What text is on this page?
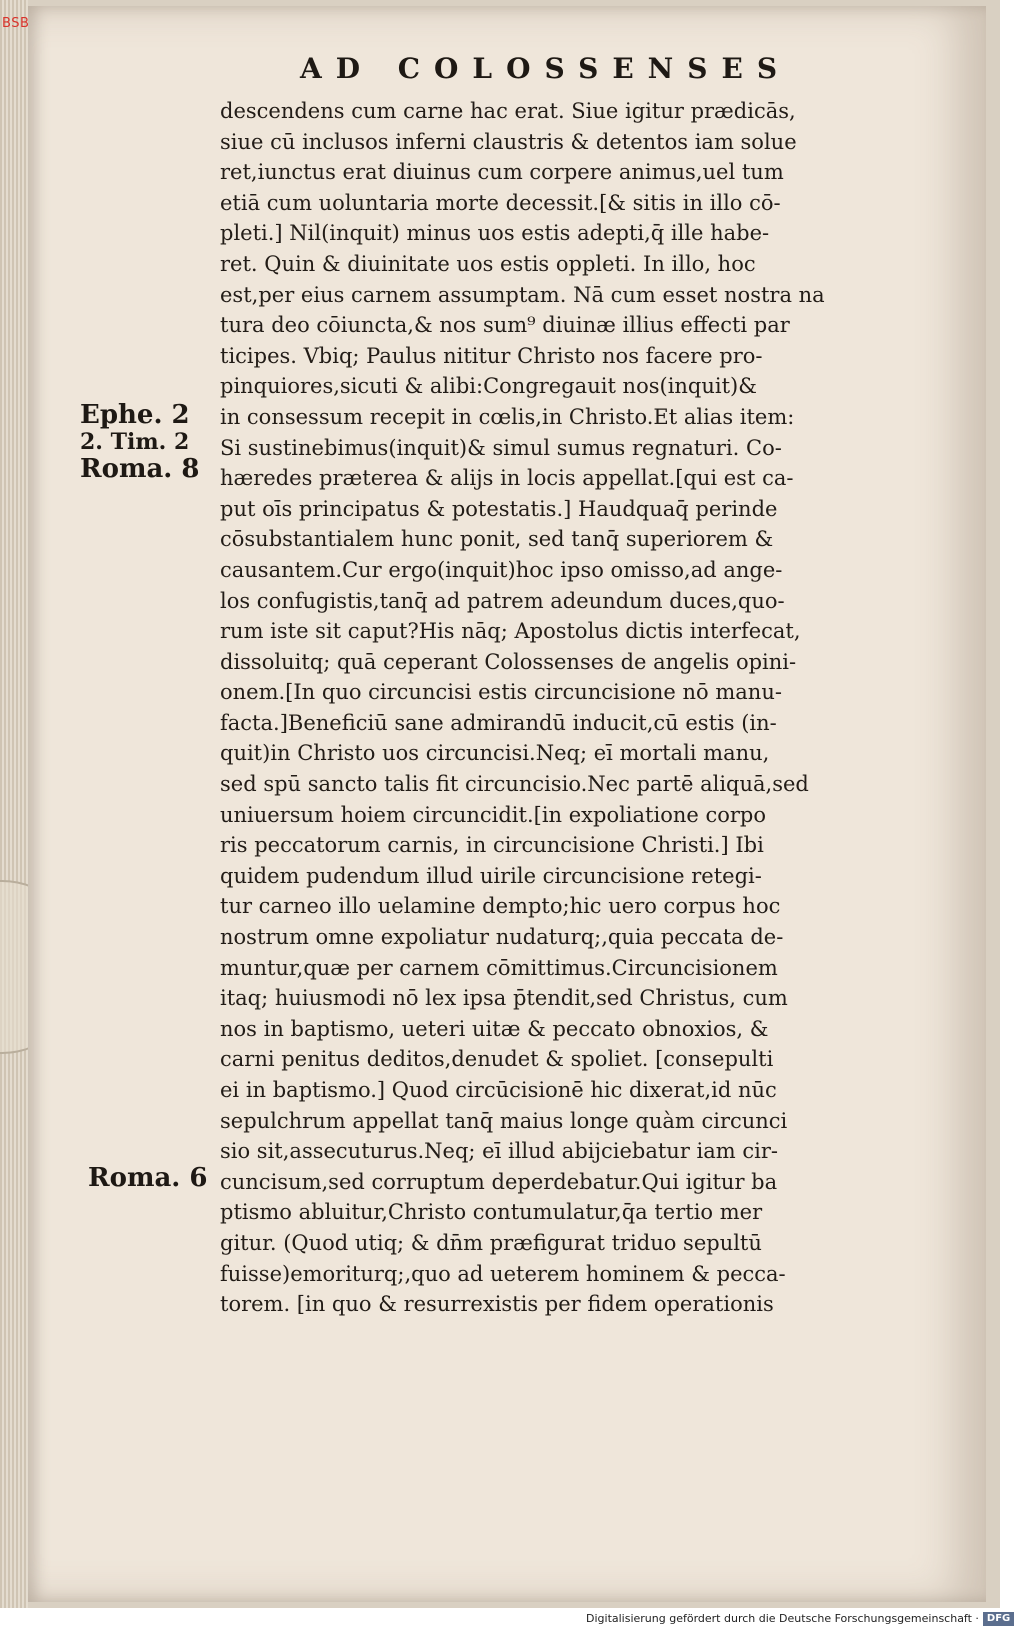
BSB
AD COLOSSENSES
Ephe. 2
2. Tim. 2
Roma. 8
Roma. 6
descendens cum carne hac erat. Siue igitur prædicās,
siue cū inclusos inferni claustris & detentos iam solue
ret,iunctus erat diuinus cum corpere animus,uel tum
etiā cum uoluntaria morte decessit.[& sitis in illo cō-
pleti.] Nil(inquit) minus uos estis adepti,q̄ ille habe-
ret. Quin & diuinitate uos estis oppleti. In illo, hoc
est,per eius carnem assumptam. Nā cum esset nostra na
tura deo cōiuncta,& nos sum⁹ diuinæ illius effecti par
ticipes. Vbiq; Paulus nititur Christo nos facere pro-
pinquiores,sicuti & alibi:Congregauit nos(inquit)&
in consessum recepit in cœlis,in Christo.Et alias item:
Si sustinebimus(inquit)& simul sumus regnaturi. Co-
hæredes præterea & alijs in locis appellat.[qui est ca-
put oīs principatus & potestatis.] Haudquaq̄ perinde
cōsubstantialem hunc ponit, sed tanq̄ superiorem &
causantem.Cur ergo(inquit)hoc ipso omisso,ad ange-
los confugistis,tanq̄ ad patrem adeundum duces,quo-
rum iste sit caput?His nāq; Apostolus dictis interfecat,
dissoluitq; quā ceperant Colossenses de angelis opini-
onem.[In quo circuncisi estis circuncisione nō manu-
facta.]Beneficiū sane admirandū inducit,cū estis (in-
quit)in Christo uos circuncisi.Neq; eī mortali manu,
sed spū sancto talis fit circuncisio.Nec partē aliquā,sed
uniuersum hoiem circuncidit.[in expoliatione corpo
ris peccatorum carnis, in circuncisione Christi.] Ibi
quidem pudendum illud uirile circuncisione retegi-
tur carneo illo uelamine dempto;hic uero corpus hoc
nostrum omne expoliatur nudaturq;,quia peccata de-
muntur,quæ per carnem cōmittimus.Circuncisionem
itaq; huiusmodi nō lex ipsa p̄tendit,sed Christus, cum
nos in baptismo, ueteri uitæ & peccato obnoxios, &
carni penitus deditos,denudet & spoliet. [consepulti
ei in baptismo.] Quod circūcisionē hic dixerat,id nūc
sepulchrum appellat tanq̄ maius longe quàm circunci
sio sit,assecuturus.Neq; eī illud abijciebatur iam cir-
cuncisum,sed corruptum deperdebatur.Qui igitur ba
ptismo abluitur,Christo contumulatur,q̄a tertio mer
gitur. (Quod utiq; & dn̄m præfigurat triduo sepultū
fuisse)emoriturq;,quo ad ueterem hominem & pecca-
torem. [in quo & resurrexistis per fidem operationis
Digitalisierung gefördert durch die Deutsche Forschungsgemeinschaft · DFG
